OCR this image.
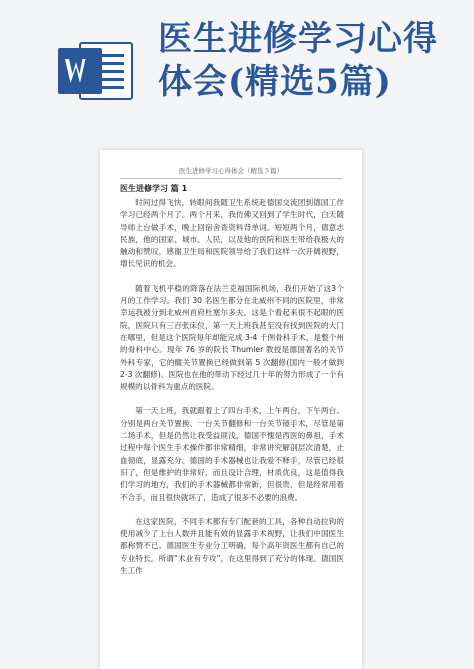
医生进修学习心得
体会(精选5篇)
医生进修学习心得体会（精选５篇）
医生进修学习 篇 1

时间过得飞快，转眼间我随卫生系统赴德国交流团到德国工作学习已经两个月了。两个月来，我仿佛又回到了学生时代，白天随导师上台做手术，晚上回宿舍查资料背单词。短短两个月，德意志民族，他的国家、城市、人民，以及他的医院和医生带给我极大的触动和赞叹，感谢卫生局和医院领导给了我们这样一次开阔视野，增长见识的机会。

随着飞机平稳的降落在法兰克福国际机场，我们开始了这3个月的工作学习。我们 30 名医生都分在北威州不同的医院里，非常幸运我被分到北威州首府杜塞尔多夫。这是个看起来很不起眼的医院，医院只有三百张床位，第一天上班我甚至没有找到医院的大门在哪里，但是这个医院每年却能完成 3-4 千例骨科手术，是整个州的骨科中心。现年 76 岁的院长 Thumler 教授是德国著名的关节外科专家，它的髋关节置换已经做到第 5 次翻修(国内一般才做到 2-3 次翻修)。医院也在他的带动下经过几十年的努力形成了一个有规模的以骨科为重点的医院。

第一天上班，我就跟着上了四台手术，上午两台，下午两台。分别是两台关节置换、一台关节翻修和一台关节镜手术，尽管是第二场手术，但是仍然让我受益匪浅，德国不愧是西医的鼻祖，手术过程中每个医生手术操作都非常精细，非常讲究解剖层次清楚，止血彻底，显露充分。德国的手术器械也让我爱不释手，尽管已经很旧了，但是维护的非常好，而且设计合理，材质优良，这是值得我们学习的地方，我们的手术器械都非常新，但很贵，但是经常用着不合手，而且很快就坏了，造成了很多不必要的浪费。

在这家医院，不同手术都有专门配套的工具，各种自动拉钩的使用减少了上台人数并且能有效的显露手术视野，让我们中国医生都称赞不已。德国医生专业分工明确，每个高年资医生都有自己的专业特长。所谓“术业有专攻”，在这里得到了充分的体现。德国医生工作
